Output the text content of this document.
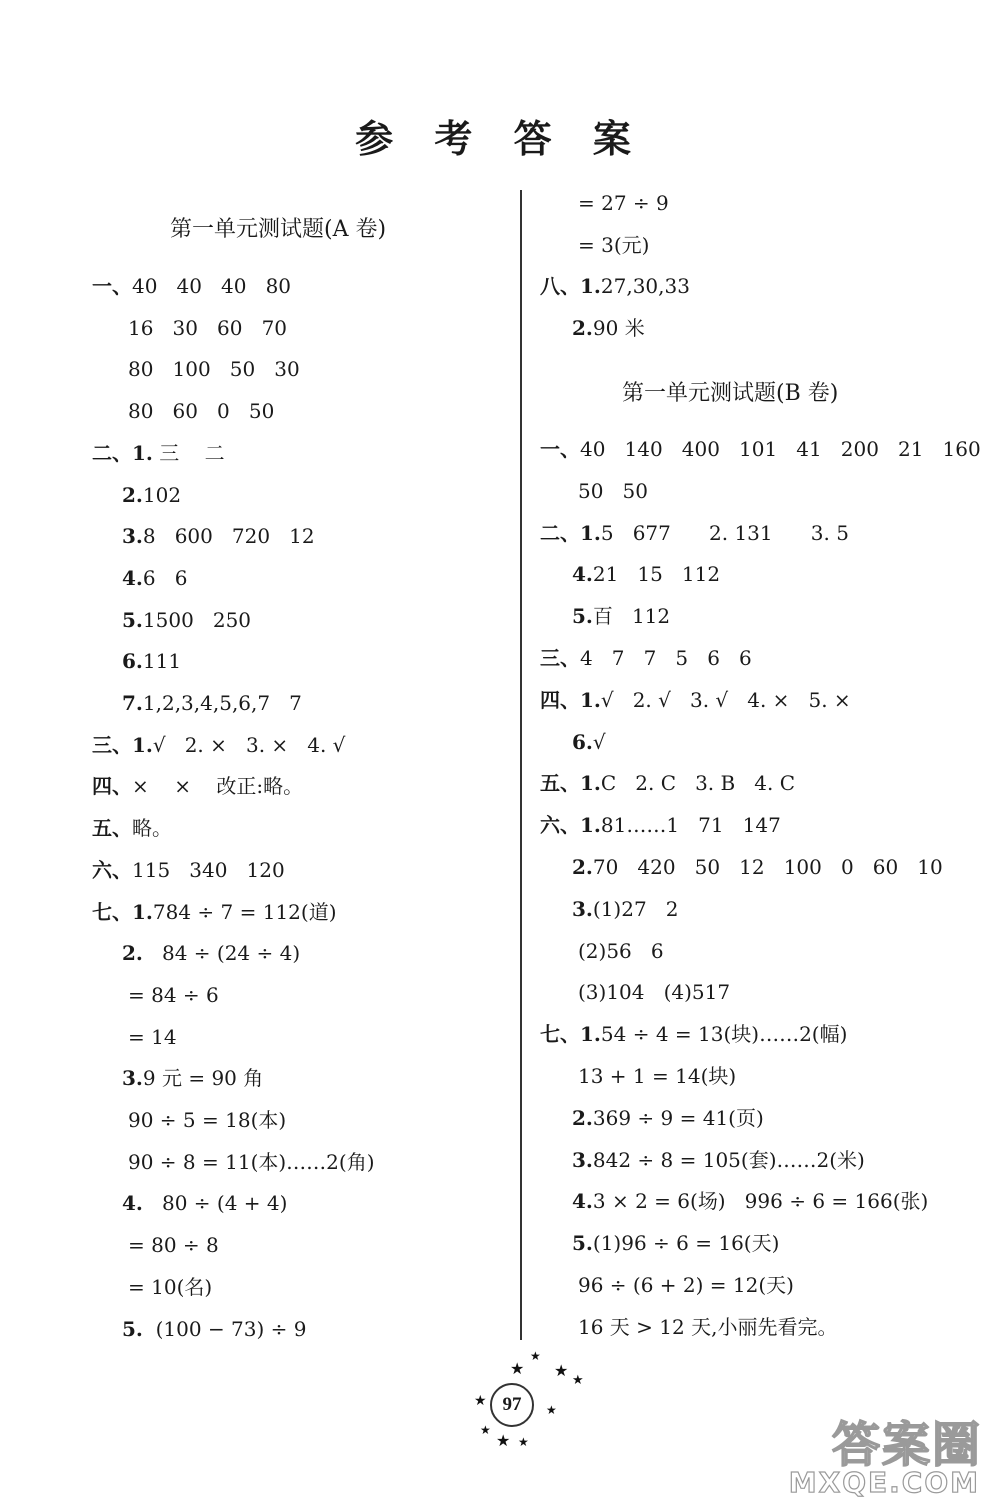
参 考 答 案
第一单元测试题(A 卷)
一、40   40   40   80
16   30   60   70
80   100   50   30
80   60   0   50
二、1. 三    二
2.102
3.8   600   720   12
4.6   6
5.1500   250
6.111
7.1,2,3,4,5,6,7   7
三、1.√   2. ×   3. ×   4. √
四、×    ×    改正:略。
五、略。
六、115   340   120
七、1.784 ÷ 7 = 112(道)
2.   84 ÷ (24 ÷ 4)
= 84 ÷ 6
= 14
3.9 元 = 90 角
90 ÷ 5 = 18(本)
90 ÷ 8 = 11(本)……2(角)
4.   80 ÷ (4 + 4)
= 80 ÷ 8
= 10(名)
5.  (100 − 73) ÷ 9
第一单元测试题(B 卷)
= 27 ÷ 9
= 3(元)
八、1.27,30,33
2.90 米
一、40   140   400   101   41   200   21   160
50   50
二、1.5   677      2. 131      3. 5
4.21   15   112
5.百   112
三、4   7   7   5   6   6
四、1.√   2. √   3. √   4. ×   5. ×
6.√
五、1.C   2. C   3. B   4. C
六、1.81……1   71   147
2.70   420   50   12   100   0   60   10
3.(1)27   2
(2)56   6
(3)104   (4)517
七、1.54 ÷ 4 = 13(块)……2(幅)
13 + 1 = 14(块)
2.369 ÷ 9 = 41(页)
3.842 ÷ 8 = 105(套)……2(米)
4.3 × 2 = 6(场)   996 ÷ 6 = 166(张)
5.(1)96 ÷ 6 = 16(天)
96 ÷ (6 + 2) = 12(天)
16 天 > 12 天,小丽先看完。
★
★
★
★
★
★
★
★ ★
97
答案圈
MXQE.COM
